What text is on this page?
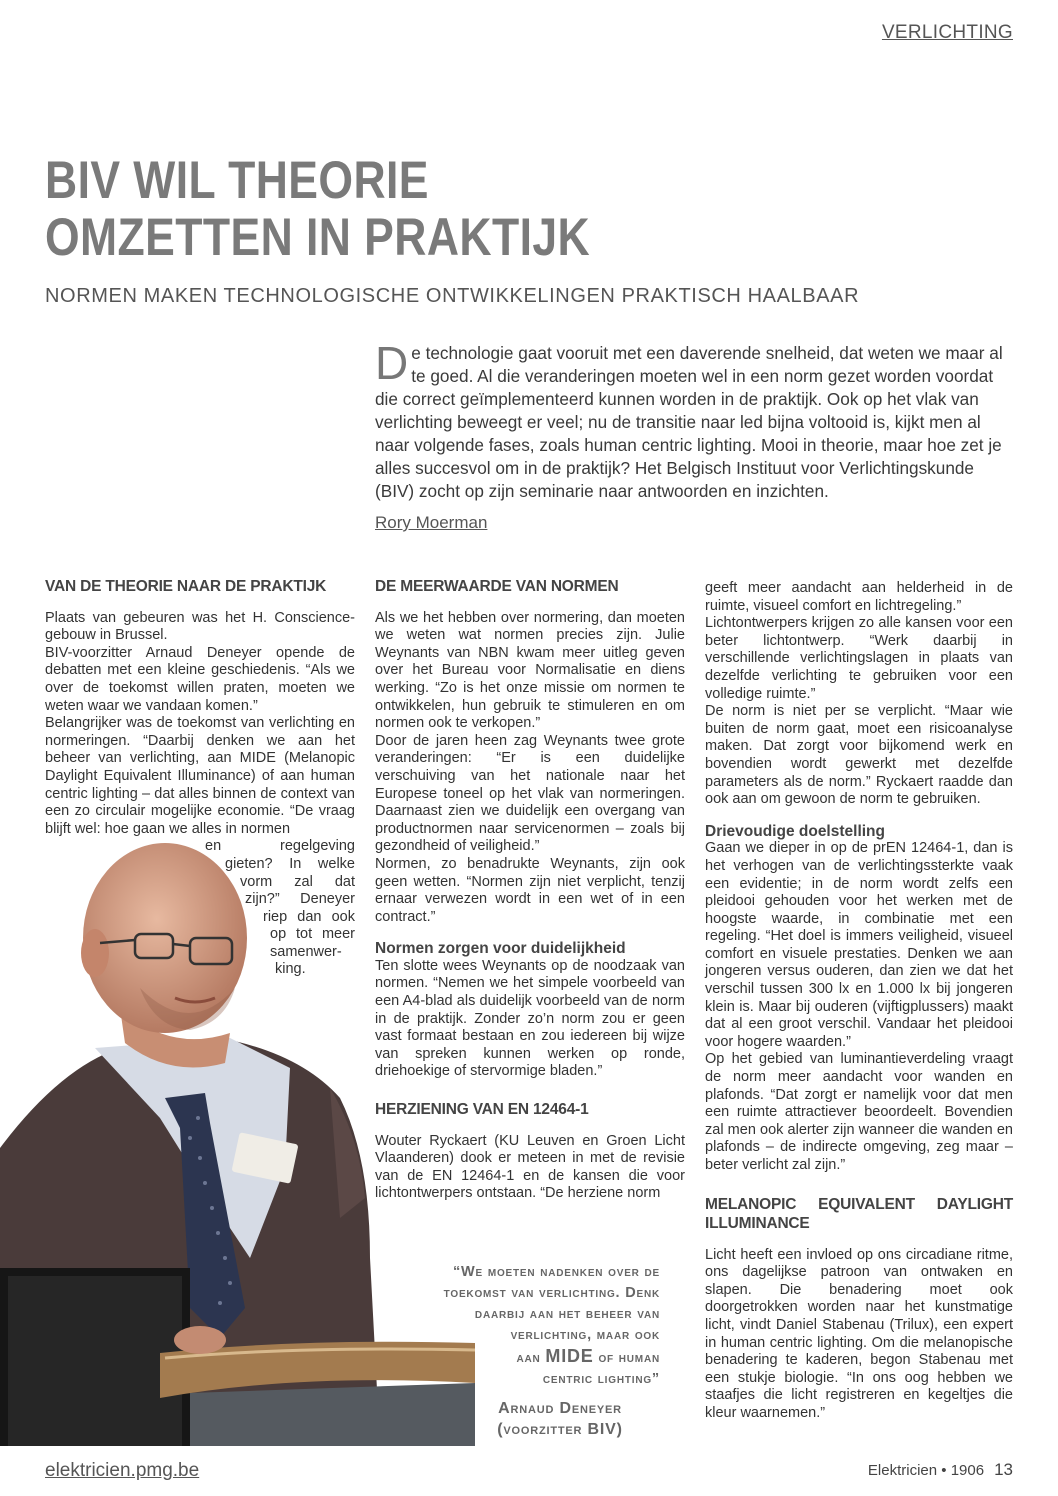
VERLICHTING
BIV WIL THEORIE
OMZETTEN IN PRAKTIJK
NORMEN MAKEN TECHNOLOGISCHE ONTWIKKELINGEN PRAKTISCH HAALBAAR
De technologie gaat vooruit met een daverende snelheid, dat weten we maar al te goed. Al die veranderingen moeten wel in een norm gezet worden voordat die correct geïmplementeerd kunnen worden in de praktijk. Ook op het vlak van verlichting beweegt er veel; nu de transitie naar led bijna voltooid is, kijkt men al naar volgende fases, zoals human centric lighting. Mooi in theorie, maar hoe zet je alles succesvol om in de praktijk? Het Belgisch Instituut voor Verlichtingskunde (BIV) zocht op zijn seminarie naar antwoorden en inzichten.
Rory Moerman
VAN DE THEORIE NAAR DE PRAKTIJK

Plaats van gebeuren was het H. Conscience-gebouw in Brussel.

BIV-voorzitter Arnaud Deneyer opende de debatten met een kleine geschiedenis. “Als we over de toekomst willen praten, moeten we weten waar we vandaan komen.”

Belangrijker was de toekomst van verlichting en normeringen. “Daarbij denken we aan het beheer van verlichting, aan MIDE (Melanopic Daylight Equivalent Illuminance) of aan human centric lighting – dat alles binnen de context van een zo circulair mogelijke economie. “De vraag blijft wel: hoe gaan we alles in normen

en regelgeving
gieten? In welke
vorm zal dat
zijn?” Deneyer
riep dan ook
op tot meer
samenwer-
king.
DE MEERWAARDE VAN NORMEN

Als we het hebben over normering, dan moeten we weten wat normen precies zijn. Julie Weynants van NBN kwam meer uitleg geven over het Bureau voor Normalisatie en diens werking. “Zo is het onze missie om normen te ontwikkelen, hun gebruik te stimuleren en om normen ook te verkopen.”

Door de jaren heen zag Weynants twee grote veranderingen: “Er is een duidelijke verschuiving van het nationale naar het Europese toneel op het vlak van normeringen. Daarnaast zien we duidelijk een overgang van productnormen naar servicenormen – zoals bij gezondheid of veiligheid.”

Normen, zo benadrukte Weynants, zijn ook geen wetten. “Normen zijn niet verplicht, tenzij ernaar verwezen wordt in een wet of in een contract.”

Normen zorgen voor duidelijkheid

Ten slotte wees Weynants op de noodzaak van normen. “Nemen we het simpele voorbeeld van een A4-blad als duidelijk voorbeeld van de norm in de praktijk. Zonder zo’n norm zou er geen vast formaat bestaan en zou iedereen bij wijze van spreken kunnen werken op ronde, driehoekige of stervormige bladen.”

HERZIENING VAN EN 12464-1

Wouter Ryckaert (KU Leuven en Groen Licht Vlaanderen) dook er meteen in met de revisie van de EN 12464-1 en de kansen die voor lichtontwerpers ontstaan. “De herziene norm

geeft meer aandacht aan helderheid in de ruimte, visueel comfort en lichtregeling.”

Lichtontwerpers krijgen zo alle kansen voor een beter lichtontwerp. “Werk daarbij in verschillende verlichtingslagen in plaats van dezelfde verlichting te gebruiken voor een volledige ruimte.”

De norm is niet per se verplicht. “Maar wie buiten de norm gaat, moet een risicoanalyse maken. Dat zorgt voor bijkomend werk en bovendien wordt gewerkt met dezelfde parameters als de norm.” Ryckaert raadde dan ook aan om gewoon de norm te gebruiken.

Drievoudige doelstelling

Gaan we dieper in op de prEN 12464-1, dan is het verhogen van de verlichtingssterkte vaak een evidentie; in de norm wordt zelfs een pleidooi gehouden voor het werken met de hoogste waarde, in combinatie met een regeling. “Het doel is immers veiligheid, visueel comfort en visuele prestaties. Denken we aan jongeren versus ouderen, dan zien we dat het verschil tussen 300 lx en 1.000 lx bij jongeren klein is. Maar bij ouderen (vijftigplussers) maakt dat al een groot verschil. Vandaar het pleidooi voor hogere waarden.”

Op het gebied van luminantieverdeling vraagt de norm meer aandacht voor wanden en plafonds. “Dat zorgt er namelijk voor dat men een ruimte attractiever beoordeelt. Bovendien zal men ook alerter zijn wanneer die wanden en plafonds – de indirecte omgeving, zeg maar – beter verlicht zal zijn.”

MELANOPIC EQUIVALENT DAYLIGHT ILLUMINANCE

Licht heeft een invloed op ons circadiane ritme, ons dagelijkse patroon van ontwaken en slapen. Die benadering moet ook doorgetrokken worden naar het kunstmatige licht, vindt Daniel Stabenau (Trilux), een expert in human centric lighting. Om die melanopische benadering te kaderen, begon Stabenau met een stukje biologie. “In ons oog hebben we staafjes die licht registreren en kegeltjes die kleur waarnemen.”

“We moeten nadenken over de
toekomst van verlichting. Denk
daarbij aan het beheer van
verlichting, maar ook
aan MIDE of human
centric lighting”
Arnaud Deneyer
(voorzitter BIV)
elektricien.pmg.be	Elektricien • 1906 13
